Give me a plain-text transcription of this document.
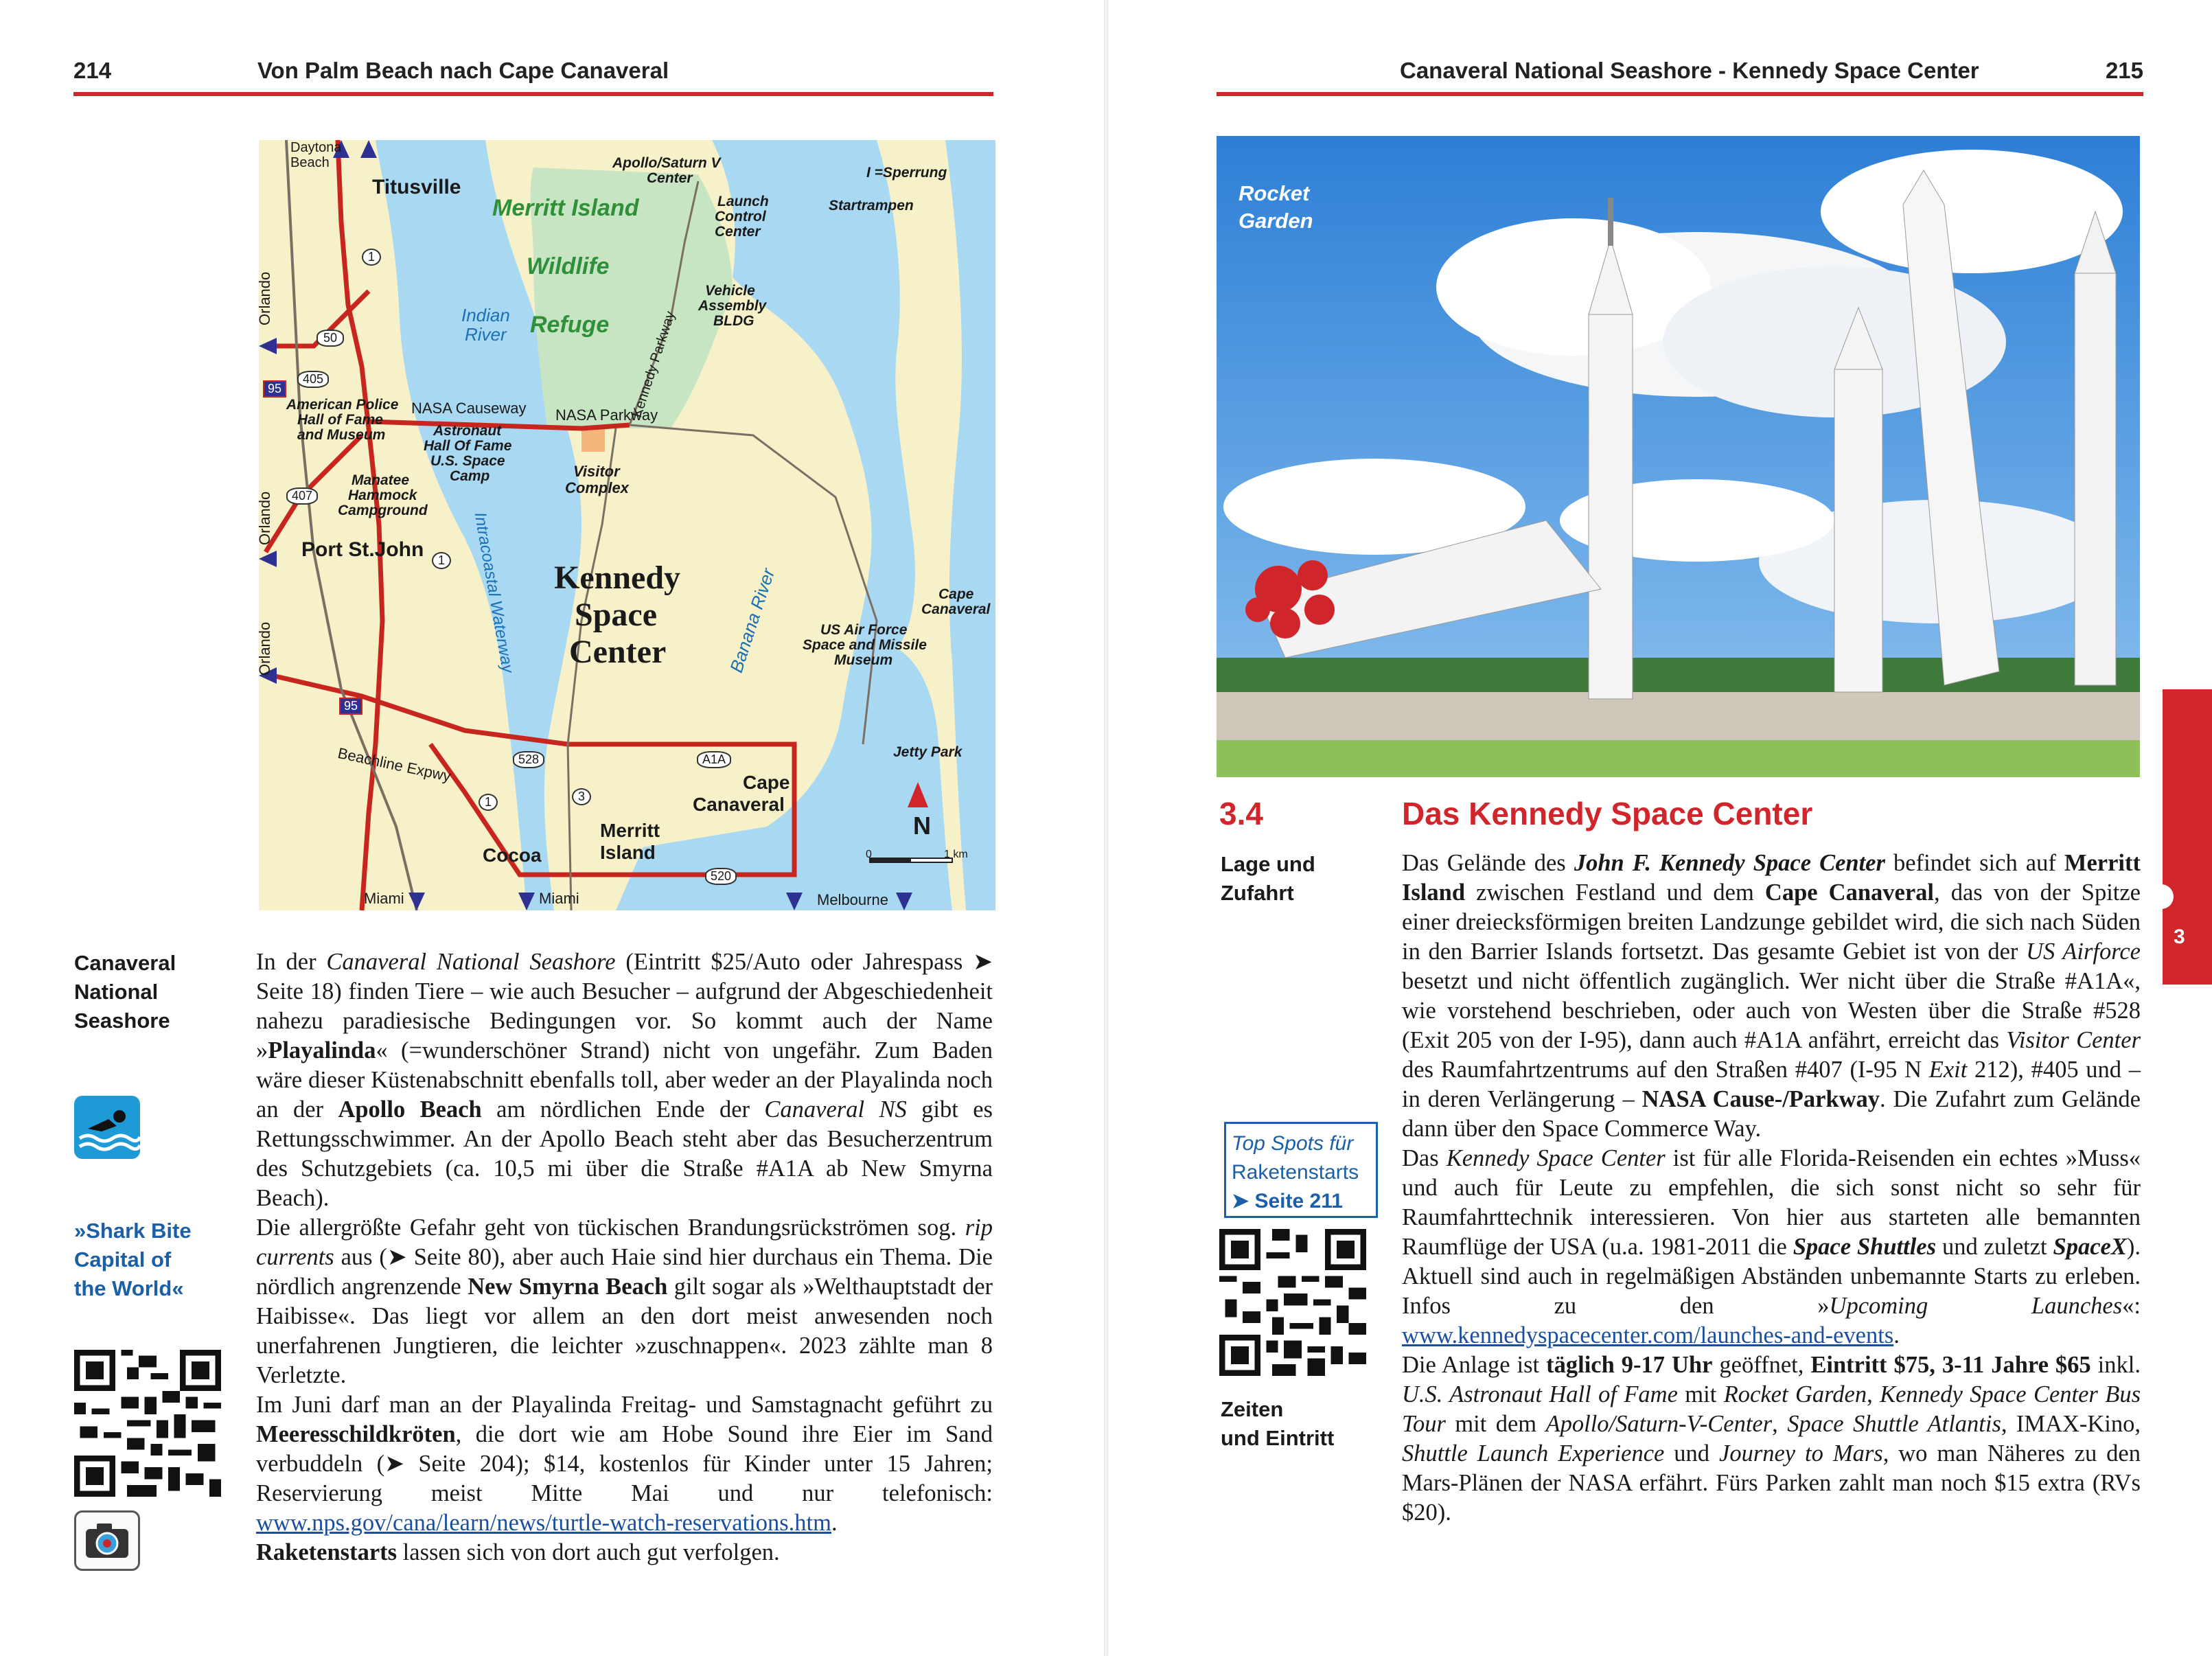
214	Von Palm Beach nach Cape Canaveral
Daytona
Beach
Titusville
Merritt Island
Wildlife
Refuge
Indian
River
Apollo/Saturn V
Center
Launch
Control
Center
Startrampen
I =Sperrung
Vehicle
Assembly
BLDG
NASA Causeway NASA Parkway
American Police
Hall of Fame
and Museum	Astronaut
Hall Of Fame
U.S. Space
Camp
Manatee
Hammock
Campground
Visitor
Complex
Kennedy Parkway
Port St.John
Kennedy
Space
Center
Intracoastal Waterway	Banana River	Cape
Canaveral
US Air Force
Space and Missile
Museum
Jetty Park
Beachline Expwy	Cape
Canaveral
Merritt
Island
Cocoa
Miami	Miami	Melbourne
Orlando
Orlando
Orlando
N
0	1 km
1
1
1
50
95
95
405
407
528	A1A
3
520
Canaveral
National
Seashore
»Shark Bite
Capital of
the World«

In der Canaveral National Seashore (Eintritt $25/Auto oder Jahrespass ➤ Seite 18) finden Tiere – wie auch Besucher – aufgrund der Abgeschiedenheit nahezu paradiesische Bedingungen vor. So kommt auch der Name »Playalinda« (=wunderschöner Strand) nicht von ungefähr. Zum Baden wäre dieser Küstenabschnitt ebenfalls toll, aber weder an der Playalinda noch an der Apollo Beach am nördlichen Ende der Canaveral NS gibt es Rettungsschwimmer. An der Apollo Beach steht aber das Besucherzentrum des Schutzgebiets (ca. 10,5 mi über die Straße #A1A ab New Smyrna Beach).

Die allergrößte Gefahr geht von tückischen Brandungsrückströmen sog. rip currents aus (➤ Seite 80), aber auch Haie sind hier durchaus ein Thema. Die nördlich angrenzende New Smyrna Beach gilt sogar als »Welthauptstadt der Haibisse«. Das liegt vor allem an den dort meist anwesenden noch unerfahrenen Jungtieren, die leichter »zuschnappen«. 2023 zählte man 8 Verletzte.

Im Juni darf man an der Playalinda Freitag- und Samstagnacht geführt zu Meeresschildkröten, die dort wie am Hobe Sound ihre Eier im Sand verbuddeln (➤ Seite 204); $14, kostenlos für Kinder unter 15 Jahren; Reservierung meist Mitte Mai und nur telefonisch: www.nps.gov/cana/learn/news/turtle-watch-reservations.htm.

Raketenstarts lassen sich von dort auch gut verfolgen.

Canaveral National Seashore - Kennedy Space Center	215
Rocket
Garden
3.4	Das Kennedy Space Center
Lage und
Zufahrt
Top Spots für
Raketenstarts
➤ Seite 211
Zeiten
und Eintritt

Das Gelände des John F. Kennedy Space Center befindet sich auf Merritt Island zwischen Festland und dem Cape Canaveral, das von der Spitze einer dreiecksförmigen breiten Landzunge gebildet wird, die sich nach Süden in den Barrier Islands fortsetzt. Das gesamte Gebiet ist von der US Airforce besetzt und nicht öffentlich zugänglich. Wer nicht über die Straße #A1A«, wie vorstehend beschrieben, oder auch von Westen über die Straße #528 (Exit 205 von der I-95), dann auch #A1A anfährt, erreicht das Visitor Center des Raumfahrtzentrums auf den Straßen #407 (I-95 N Exit 212), #405 und – in deren Verlängerung – NASA Cause-/Parkway. Die Zufahrt zum Gelände dann über den Space Commerce Way.

Das Kennedy Space Center ist für alle Florida-Reisenden ein echtes »Muss« und auch für Leute zu empfehlen, die sich sonst nicht so sehr für Raumfahrttechnik interessieren. Von hier aus starteten alle bemannten Raumflüge der USA (u.a. 1981-2011 die Space Shuttles und zuletzt SpaceX). Aktuell sind auch in regelmäßigen Abständen unbemannte Starts zu erleben. Infos zu den »Upcoming Launches«: www.kennedyspacecenter.com/launches-and-events.

Die Anlage ist täglich 9-17 Uhr geöffnet, Eintritt $75, 3-11 Jahre $65 inkl. U.S. Astronaut Hall of Fame mit Rocket Garden, Kennedy Space Center Bus Tour mit dem Apollo/Saturn-V-Center, Space Shuttle Atlantis, IMAX-Kino, Shuttle Launch Experience und Journey to Mars, wo man Näheres zu den Mars-Plänen der NASA erfährt. Fürs Parken zahlt man noch $15 extra (RVs $20).

3
